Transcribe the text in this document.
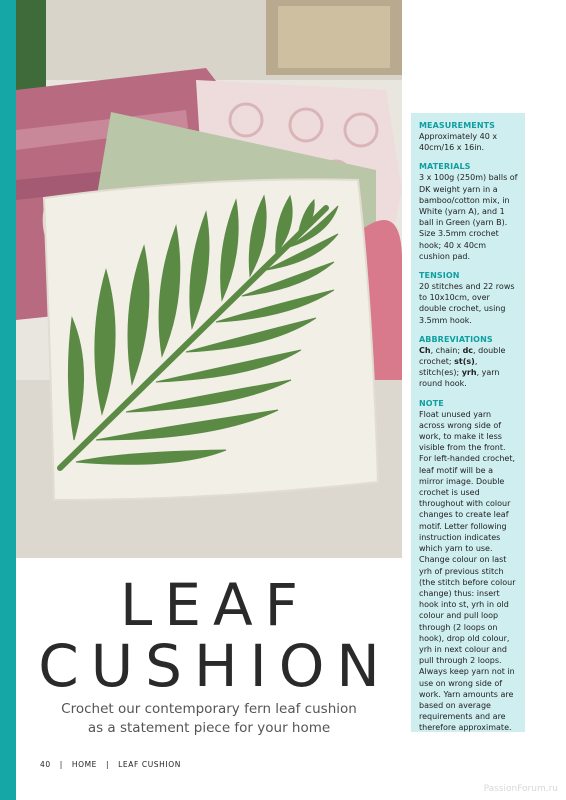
MEASUREMENTS

Approximately 40 x 40cm/16 x 16in.

MATERIALS

3 x 100g (250m) balls of DK weight yarn in a bamboo/cotton mix, in White (yarn A), and 1 ball in Green (yarn B). Size 3.5mm crochet hook; 40 x 40cm cushion pad.

TENSION

20 stitches and 22 rows to 10x10cm, over double crochet, using 3.5mm hook.

ABBREVIATIONS

Ch, chain; dc, double crochet; st(s), stitch(es); yrh, yarn round hook.

NOTE

Float unused yarn across wrong side of work, to make it less visible from the front. For left-handed crochet, leaf motif will be a mirror image. Double crochet is used throughout with colour changes to create leaf motif. Letter following instruction indicates which yarn to use. Change colour on last yrh of previous stitch (the stitch before colour change) thus: insert hook into st, yrh in old colour and pull loop through (2 loops on hook), drop old colour, yrh in next colour and pull through 2 loops. Always keep yarn not in use on wrong side of work. Yarn amounts are based on average requirements and are therefore approximate.

LEAF
CUSHION
Crochet our contemporary fern leaf cushion
as a statement piece for your home
40 | HOME | LEAF CUSHION
PassionForum.ru
